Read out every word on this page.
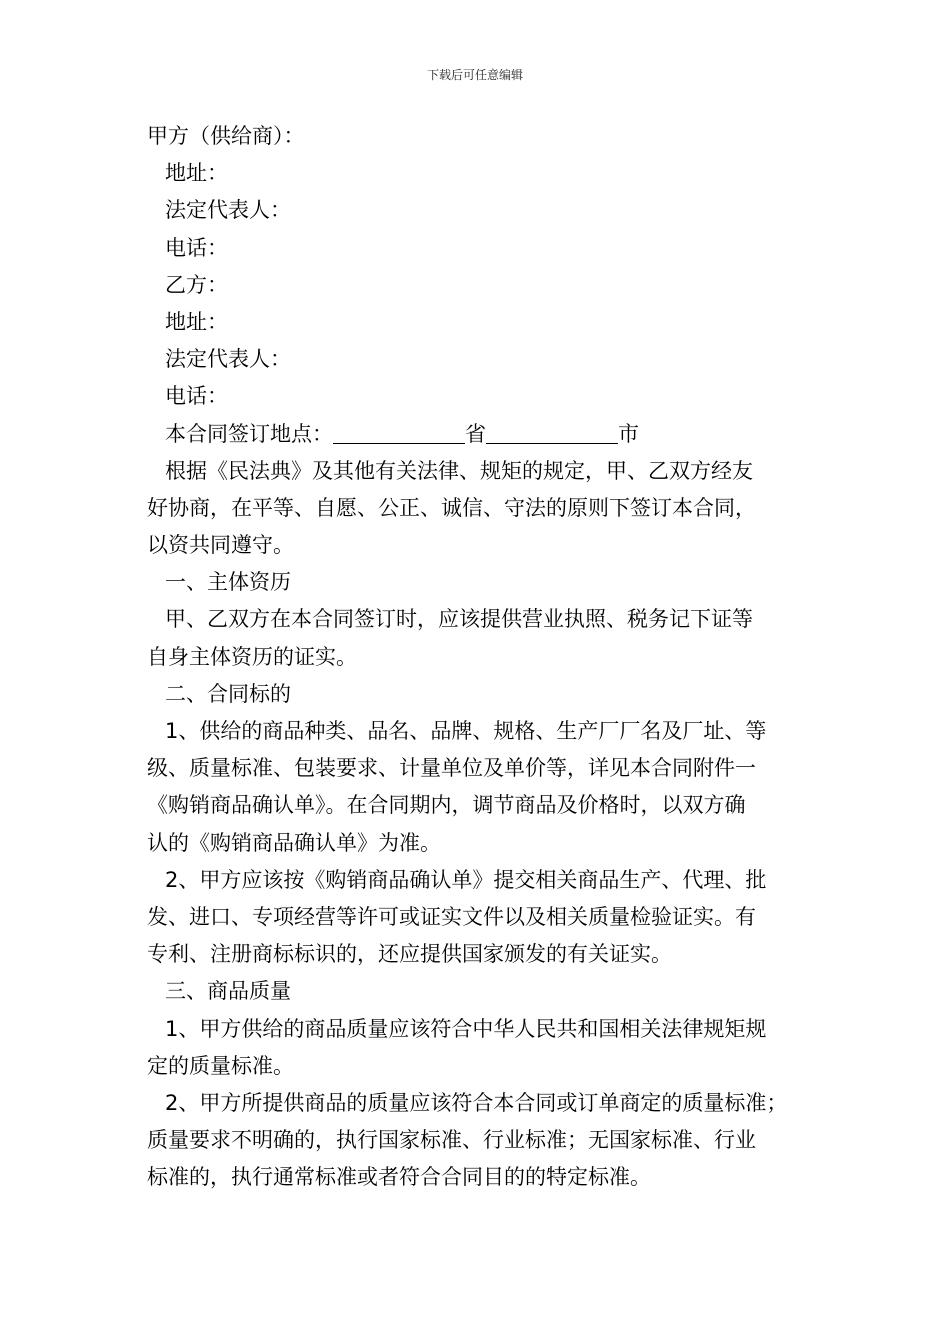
下载后可任意编辑
甲方（供给商）：
地址：
法定代表人：
电话：
乙方：
地址：
法定代表人：
电话：
本合同签订地点：	省	市
根据《民法典》及其他有关法律、规矩的规定，甲、乙双方经友
好协商，在平等、自愿、公正、诚信、守法的原则下签订本合同，
以资共同遵守。
一、主体资历
甲、乙双方在本合同签订时，应该提供营业执照、税务记下证等
自身主体资历的证实。
二、合同标的
1、供给的商品种类、品名、品牌、规格、生产厂厂名及厂址、等
级、质量标准、包装要求、计量单位及单价等，详见本合同附件一
《购销商品确认单》。在合同期内，调节商品及价格时，以双方确
认的《购销商品确认单》为准。
2、甲方应该按《购销商品确认单》提交相关商品生产、代理、批
发、进口、专项经营等许可或证实文件以及相关质量检验证实。有
专利、注册商标标识的，还应提供国家颁发的有关证实。
三、商品质量
1、甲方供给的商品质量应该符合中华人民共和国相关法律规矩规
定的质量标准。
2、甲方所提供商品的质量应该符合本合同或订单商定的质量标准；
质量要求不明确的，执行国家标准、行业标准；无国家标准、行业
标准的，执行通常标准或者符合合同目的的特定标准。
